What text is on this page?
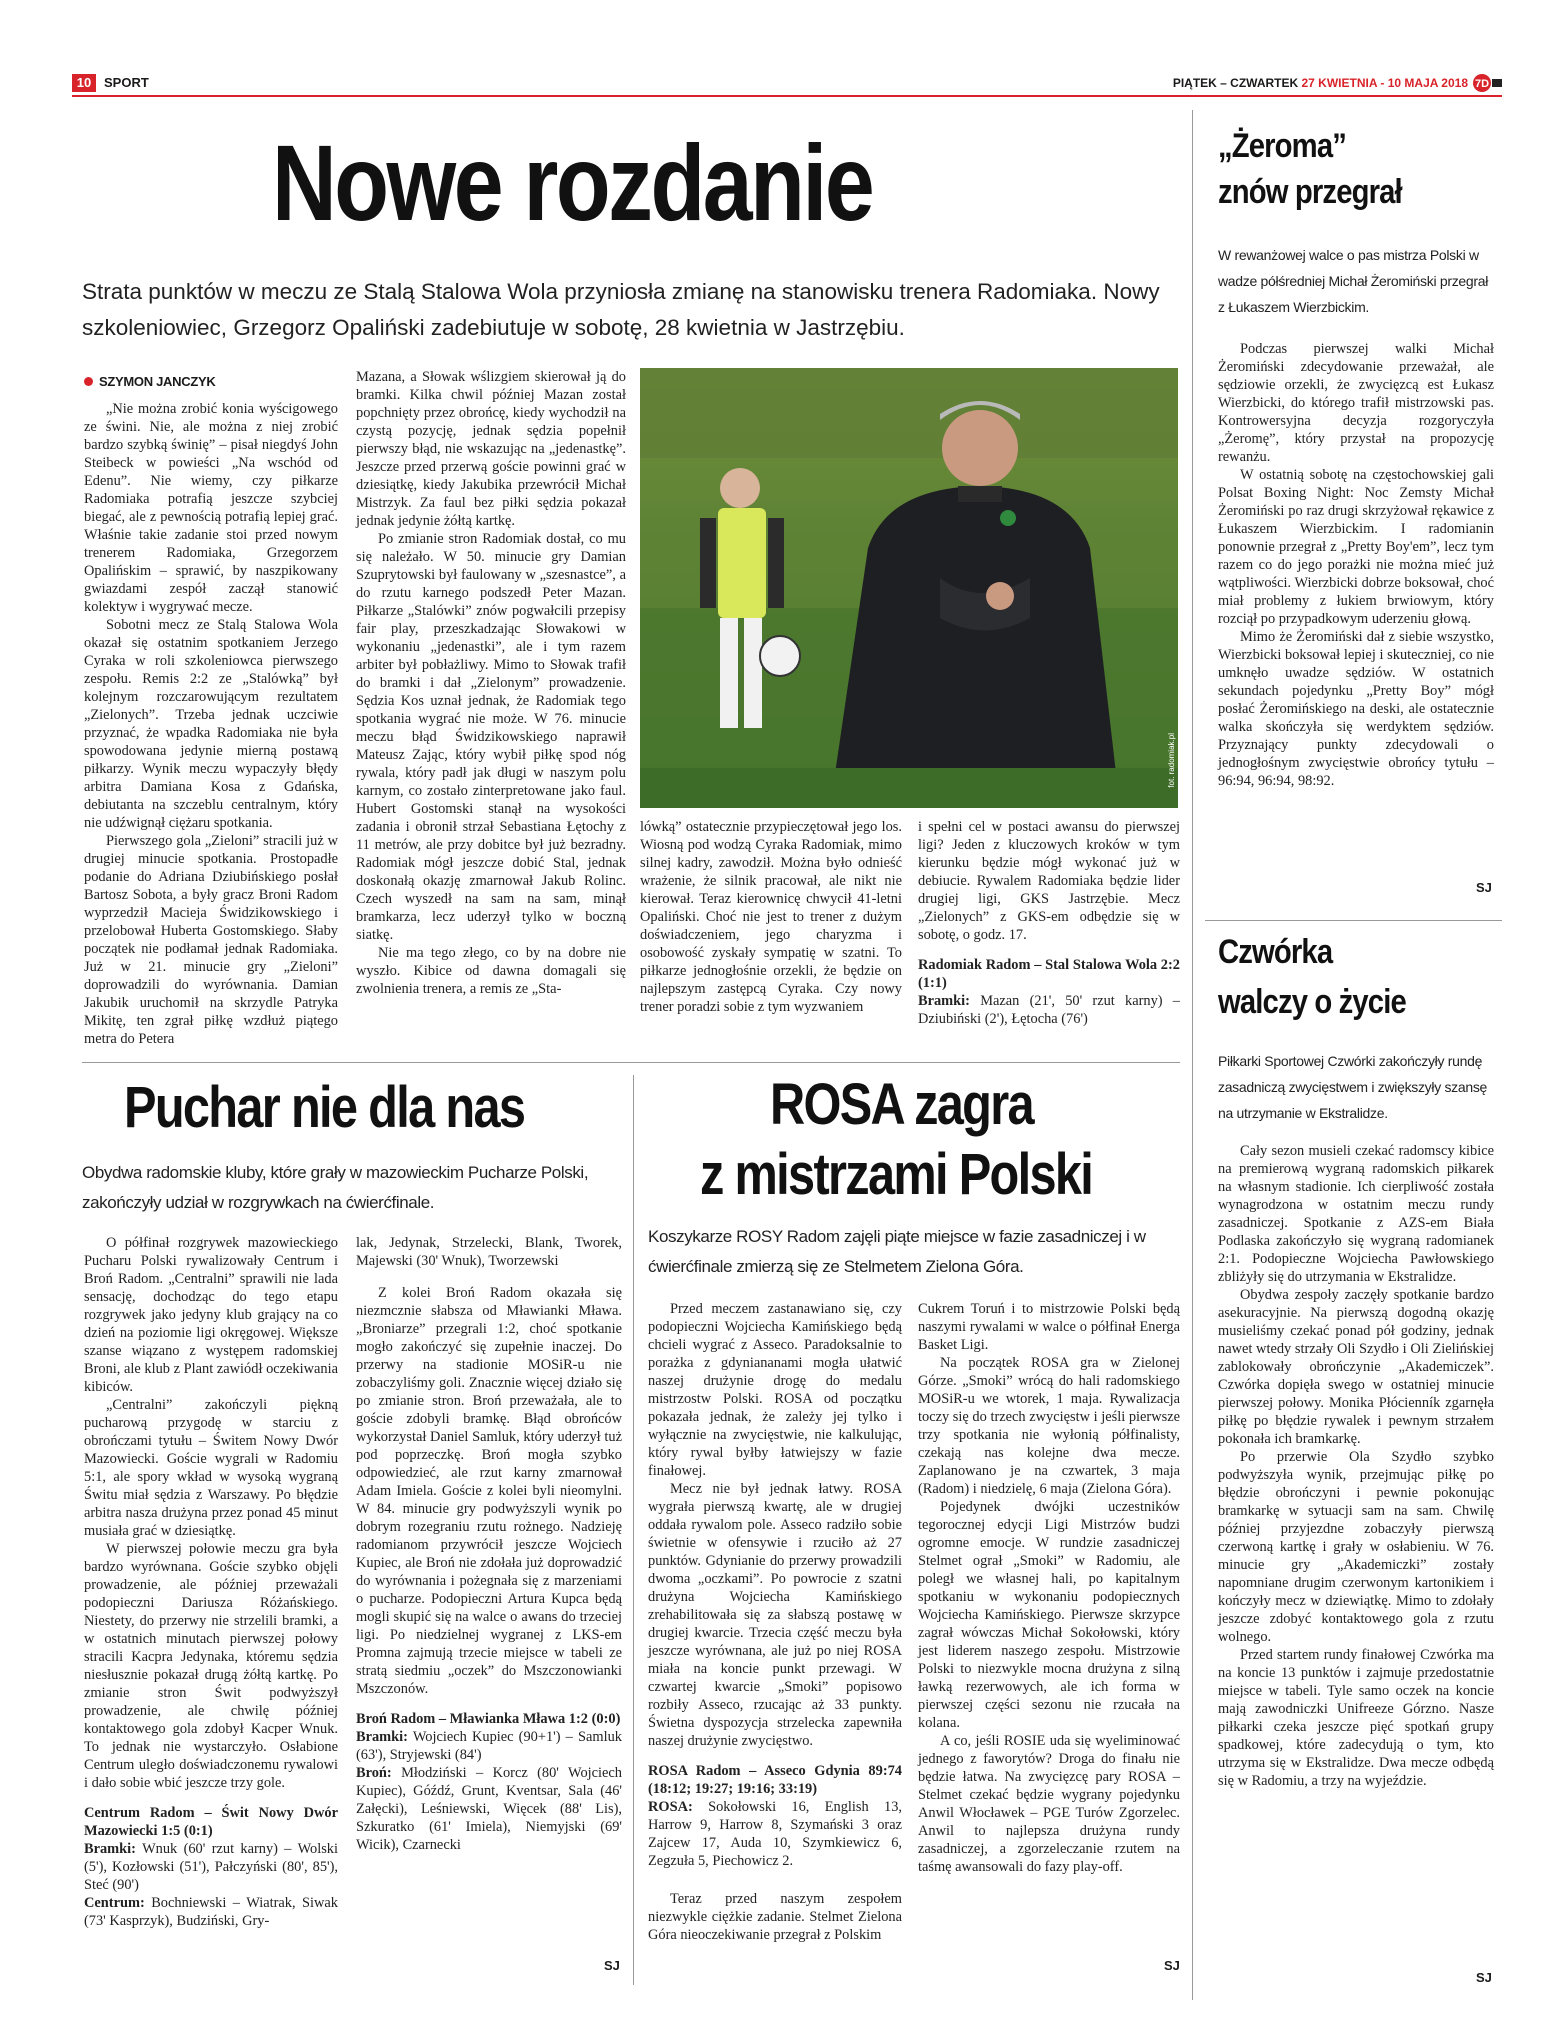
10 SPORT	PIĄTEK – CZWARTEK 27 KWIETNIA - 10 MAJA 2018 7D
Nowe rozdanie
Strata punktów w meczu ze Stalą Stalowa Wola przyniosła zmianę na stanowisku trenera Radomiaka. Nowy szkoleniowiec, Grzegorz Opaliński zadebiutuje w sobotę, 28 kwietnia w Jastrzębiu.
SZYMON JANCZYK

„Nie można zrobić konia wyścigowego ze świni. Nie, ale można z niej zrobić bardzo szybką świnię” – pisał niegdyś John Steibeck w powieści „Na wschód od Edenu”. Nie wiemy, czy piłkarze Radomiaka potrafią jeszcze szybciej biegać, ale z pewnością potrafią lepiej grać. Właśnie takie zadanie stoi przed nowym trenerem Radomiaka, Grzegorzem Opalińskim – sprawić, by naszpikowany gwiazdami zespół zaczął stanowić kolektyw i wygrywać mecze.

Sobotni mecz ze Stalą Stalowa Wola okazał się ostatnim spotkaniem Jerzego Cyraka w roli szkoleniowca pierwszego zespołu. Remis 2:2 ze „Stalówką” był kolejnym rozczarowującym rezultatem „Zielonych”. Trzeba jednak uczciwie przyznać, że wpadka Radomiaka nie była spowodowana jedynie mierną postawą piłkarzy. Wynik meczu wypaczyły błędy arbitra Damiana Kosa z Gdańska, debiutanta na szczeblu centralnym, który nie udźwignął ciężaru spotkania.

Pierwszego gola „Zieloni” stracili już w drugiej minucie spotkania. Prostopadłe podanie do Adriana Dziubińskiego posłał Bartosz Sobota, a były gracz Broni Radom wyprzedził Macieja Świdzikowskiego i przelobował Huberta Gostomskiego. Słaby początek nie podłamał jednak Radomiaka. Już w 21. minucie gry „Zieloni” doprowadzili do wyrównania. Damian Jakubik uruchomił na skrzydle Patryka Mikitę, ten zgrał piłkę wzdłuż piątego metra do Petera

Mazana, a Słowak wślizgiem skierował ją do bramki. Kilka chwil później Mazan został popchnięty przez obrońcę, kiedy wychodził na czystą pozycję, jednak sędzia popełnił pierwszy błąd, nie wskazując na „jedenastkę”. Jeszcze przed przerwą goście powinni grać w dziesiątkę, kiedy Jakubika przewrócił Michał Mistrzyk. Za faul bez piłki sędzia pokazał jednak jedynie żółtą kartkę.

Po zmianie stron Radomiak dostał, co mu się należało. W 50. minucie gry Damian Szuprytowski był faulowany w „szesnastce”, a do rzutu karnego podszedł Peter Mazan. Piłkarze „Stalówki” znów pogwałcili przepisy fair play, przeszkadzając Słowakowi w wykonaniu „jedenastki”, ale i tym razem arbiter był pobłażliwy. Mimo to Słowak trafił do bramki i dał „Zielonym” prowadzenie. Sędzia Kos uznał jednak, że Radomiak tego spotkania wygrać nie może. W 76. minucie meczu błąd Świdzikowskiego naprawił Mateusz Zając, który wybił piłkę spod nóg rywala, który padł jak długi w naszym polu karnym, co zostało zinterpretowane jako faul. Hubert Gostomski stanął na wysokości zadania i obronił strzał Sebastiana Łętochy z 11 metrów, ale przy dobitce był już bezradny. Radomiak mógł jeszcze dobić Stal, jednak doskonałą okazję zmarnował Jakub Rolinc. Czech wyszedł na sam na sam, minął bramkarza, lecz uderzył tylko w boczną siatkę.

Nie ma tego złego, co by na dobre nie wyszło. Kibice od dawna domagali się zwolnienia trenera, a remis ze „Sta-

fot. radomiak.pl

lówką” ostatecznie przypieczętował jego los. Wiosną pod wodzą Cyraka Radomiak, mimo silnej kadry, zawodził. Można było odnieść wrażenie, że silnik pracował, ale nikt nie kierował. Teraz kierownicę chwycił 41-letni Opaliński. Choć nie jest to trener z dużym doświadczeniem, jego charyzma i osobowość zyskały sympatię w szatni. To piłkarze jednogłośnie orzekli, że będzie on najlepszym zastępcą Cyraka. Czy nowy trener poradzi sobie z tym wyzwaniem

i spełni cel w postaci awansu do pierwszej ligi? Jeden z kluczowych kroków w tym kierunku będzie mógł wykonać już w debiucie. Rywalem Radomiaka będzie lider drugiej ligi, GKS Jastrzębie. Mecz „Zielonych” z GKS-em odbędzie się w sobotę, o godz. 17.

Radomiak Radom – Stal Stalowa Wola 2:2 (1:1)

Bramki: Mazan (21', 50' rzut karny) – Dziubiński (2'), Łętocha (76')

„Żeroma”
znów przegrał
W rewanżowej walce o pas mistrza Polski w wadze półśredniej Michał Żeromiński przegrał z Łukaszem Wierzbickim.

Podczas pierwszej walki Michał Żeromiński zdecydowanie przeważał, ale sędziowie orzekli, że zwycięzcą est Łukasz Wierzbicki, do którego trafił mistrzowski pas. Kontrowersyjna decyzja rozgoryczyła „Żeromę”, który przystał na propozycję rewanżu.

W ostatnią sobotę na częstochowskiej gali Polsat Boxing Night: Noc Zemsty Michał Żeromiński po raz drugi skrzyżował rękawice z Łukaszem Wierzbickim. I radomianin ponownie przegrał z „Pretty Boy'em”, lecz tym razem co do jego porażki nie można mieć już wątpliwości. Wierzbicki dobrze boksował, choć miał problemy z łukiem brwiowym, który rozciął po przypadkowym uderzeniu głową.

Mimo że Żeromiński dał z siebie wszystko, Wierzbicki boksował lepiej i skuteczniej, co nie umknęło uwadze sędziów. W ostatnich sekundach pojedynku „Pretty Boy” mógł posłać Żeromińskiego na deski, ale ostatecznie walka skończyła się werdyktem sędziów. Przyznający punkty zdecydowali o jednogłośnym zwycięstwie obrońcy tytułu – 96:94, 96:94, 98:92.

SJ
Czwórka
walczy o życie
Piłkarki Sportowej Czwórki zakończyły rundę zasadniczą zwycięstwem i zwiększyły szansę na utrzymanie w Ekstralidze.

Cały sezon musieli czekać radomscy kibice na premierową wygraną radomskich piłkarek na własnym stadionie. Ich cierpliwość została wynagrodzona w ostatnim meczu rundy zasadniczej. Spotkanie z AZS-em Biała Podlaska zakończyło się wygraną radomianek 2:1. Podopieczne Wojciecha Pawłowskiego zbliżyły się do utrzymania w Ekstralidze.

Obydwa zespoły zaczęły spotkanie bardzo asekuracyjnie. Na pierwszą dogodną okazję musieliśmy czekać ponad pół godziny, jednak nawet wtedy strzały Oli Szydło i Oli Zielińskiej zablokowały obrończynie „Akademiczek”. Czwórka dopięła swego w ostatniej minucie pierwszej połowy. Monika Płócienník zgarnęła piłkę po błędzie rywalek i pewnym strzałem pokonała ich bramkarkę.

Po przerwie Ola Szydło szybko podwyższyła wynik, przejmując piłkę po błędzie obrończyni i pewnie pokonując bramkarkę w sytuacji sam na sam. Chwilę później przyjezdne zobaczyły pierwszą czerwoną kartkę i grały w osłabieniu. W 76. minucie gry „Akademiczki” zostały napomniane drugim czerwonym kartonikiem i kończyły mecz w dziewiątkę. Mimo to zdołały jeszcze zdobyć kontaktowego gola z rzutu wolnego.

Przed startem rundy finałowej Czwórka ma na koncie 13 punktów i zajmuje przedostatnie miejsce w tabeli. Tyle samo oczek na koncie mają zawodniczki Unifreeze Górzno. Nasze piłkarki czeka jeszcze pięć spotkań grupy spadkowej, które zadecydują o tym, kto utrzyma się w Ekstralidze. Dwa mecze odbędą się w Radomiu, a trzy na wyjeździe.

SJ
Puchar nie dla nas
Obydwa radomskie kluby, które grały w mazowieckim Pucharze Polski, zakończyły udział w rozgrywkach na ćwierćfinale.

O półfinał rozgrywek mazowieckiego Pucharu Polski rywalizowały Centrum i Broń Radom. „Centralni” sprawili nie lada sensację, dochodząc do tego etapu rozgrywek jako jedyny klub grający na co dzień na poziomie ligi okręgowej. Większe szanse wiązano z występem radomskiej Broni, ale klub z Plant zawiódł oczekiwania kibiców.

„Centralni” zakończyli piękną pucharową przygodę w starciu z obrończami tytułu – Świtem Nowy Dwór Mazowiecki. Goście wygrali w Radomiu 5:1, ale spory wkład w wysoką wygraną Świtu miał sędzia z Warszawy. Po błędzie arbitra nasza drużyna przez ponad 45 minut musiała grać w dziesiątkę.

W pierwszej połowie meczu gra była bardzo wyrównana. Goście szybko objęli prowadzenie, ale później przeważali podopieczni Dariusza Różańskiego. Niestety, do przerwy nie strzelili bramki, a w ostatnich minutach pierwszej połowy stracili Kacpra Jedynaka, któremu sędzia niesłusznie pokazał drugą żółtą kartkę. Po zmianie stron Świt podwyższył prowadzenie, ale chwilę później kontaktowego gola zdobył Kacper Wnuk. To jednak nie wystarczyło. Osłabione Centrum uległo doświadczonemu rywalowi i dało sobie wbić jeszcze trzy gole.

Centrum Radom – Świt Nowy Dwór Mazowiecki 1:5 (0:1)

Bramki: Wnuk (60' rzut karny) – Wolski (5'), Kozłowski (51'), Pałczyński (80', 85'), Steć (90')

Centrum: Bochniewski – Wiatrak, Siwak (73' Kasprzyk), Budziński, Gry-

lak, Jedynak, Strzelecki, Blank, Tworek, Majewski (30' Wnuk), Tworzewski

Z kolei Broń Radom okazała się niezmcznie słabsza od Mławianki Mława. „Broniarze” przegrali 1:2, choć spotkanie mogło zakończyć się zupełnie inaczej. Do przerwy na stadionie MOSiR-u nie zobaczyliśmy goli. Znacznie więcej działo się po zmianie stron. Broń przeważała, ale to goście zdobyli bramkę. Błąd obrońców wykorzystał Daniel Samluk, który uderzył tuż pod poprzeczkę. Broń mogła szybko odpowiedzieć, ale rzut karny zmarnował Adam Imiela. Goście z kolei byli nieomylni. W 84. minucie gry podwyższyli wynik po dobrym rozegraniu rzutu rożnego. Nadzieję radomianom przywrócił jeszcze Wojciech Kupiec, ale Broń nie zdołała już doprowadzić do wyrównania i pożegnała się z marzeniami o pucharze. Podopieczni Artura Kupca będą mogli skupić się na walce o awans do trzeciej ligi. Po niedzielnej wygranej z LKS-em Promna zajmują trzecie miejsce w tabeli ze stratą siedmiu „oczek” do Mszczonowianki Mszczonów.

Broń Radom – Mławianka Mława 1:2 (0:0)

Bramki: Wojciech Kupiec (90+1') – Samluk (63'), Stryjewski (84')

Broń: Młodziński – Korcz (80' Wojciech Kupiec), Góźdź, Grunt, Kventsar, Sala (46' Załęcki), Leśniewski, Więcek (88' Lis), Szkuratko (61' Imiela), Niemyjski (69' Wicik), Czarnecki

SJ
ROSA zagra
z mistrzami Polski
Koszykarze ROSY Radom zajęli piąte miejsce w fazie zasadniczej i w ćwierćfinale zmierzą się ze Stelmetem Zielona Góra.

Przed meczem zastanawiano się, czy podopieczni Wojciecha Kamińskiego będą chcieli wygrać z Asseco. Paradoksalnie to porażka z gdyniananami mogła ułatwić naszej drużynie drogę do medalu mistrzostw Polski. ROSA od początku pokazała jednak, że zależy jej tylko i wyłącznie na zwycięstwie, nie kalkulując, który rywal byłby łatwiejszy w fazie finałowej.

Mecz nie był jednak łatwy. ROSA wygrała pierwszą kwartę, ale w drugiej oddała rywalom pole. Asseco radziło sobie świetnie w ofensywie i rzuciło aż 27 punktów. Gdynianie do przerwy prowadzili dwoma „oczkami”. Po powrocie z szatni drużyna Wojciecha Kamińskiego zrehabilitowała się za słabszą postawę w drugiej kwarcie. Trzecia część meczu była jeszcze wyrównana, ale już po niej ROSA miała na koncie punkt przewagi. W czwartej kwarcie „Smoki” popisowo rozbiły Asseco, rzucając aż 33 punkty. Świetna dyspozycja strzelecka zapewniła naszej drużynie zwycięstwo.

ROSA Radom – Asseco Gdynia 89:74 (18:12; 19:27; 19:16; 33:19)

ROSA: Sokołowski 16, English 13, Harrow 9, Harrow 8, Szymański 3 oraz Zajcew 17, Auda 10, Szymkiewicz 6, Zegzuła 5, Piechowicz 2.

Teraz przed naszym zespołem niezwykle ciężkie zadanie. Stelmet Zielona Góra nieoczekiwanie przegrał z Polskim

Cukrem Toruń i to mistrzowie Polski będą naszymi rywalami w walce o półfinał Energa Basket Ligi.

Na początek ROSA gra w Zielonej Górze. „Smoki” wrócą do hali radomskiego MOSiR-u we wtorek, 1 maja. Rywalizacja toczy się do trzech zwycięstw i jeśli pierwsze trzy spotkania nie wyłonią półfinalisty, czekają nas kolejne dwa mecze. Zaplanowano je na czwartek, 3 maja (Radom) i niedzielę, 6 maja (Zielona Góra).

Pojedynek dwójki uczestników tegorocznej edycji Ligi Mistrzów budzi ogromne emocje. W rundzie zasadniczej Stelmet ograł „Smoki” w Radomiu, ale poległ we własnej hali, po kapitalnym spotkaniu w wykonaniu podopiecznych Wojciecha Kamińskiego. Pierwsze skrzypce zagrał wówczas Michał Sokołowski, który jest liderem naszego zespołu. Mistrzowie Polski to niezwykle mocna drużyna z silną ławką rezerwowych, ale ich forma w pierwszej części sezonu nie rzucała na kolana.

A co, jeśli ROSIE uda się wyeliminować jednego z faworytów? Droga do finału nie będzie łatwa. Na zwycięzcę pary ROSA – Stelmet czekać będzie wygrany pojedynku Anwil Włocławek – PGE Turów Zgorzelec. Anwil to najlepsza drużyna rundy zasadniczej, a zgorzeleczanie rzutem na taśmę awansowali do fazy play-off.

SJ
